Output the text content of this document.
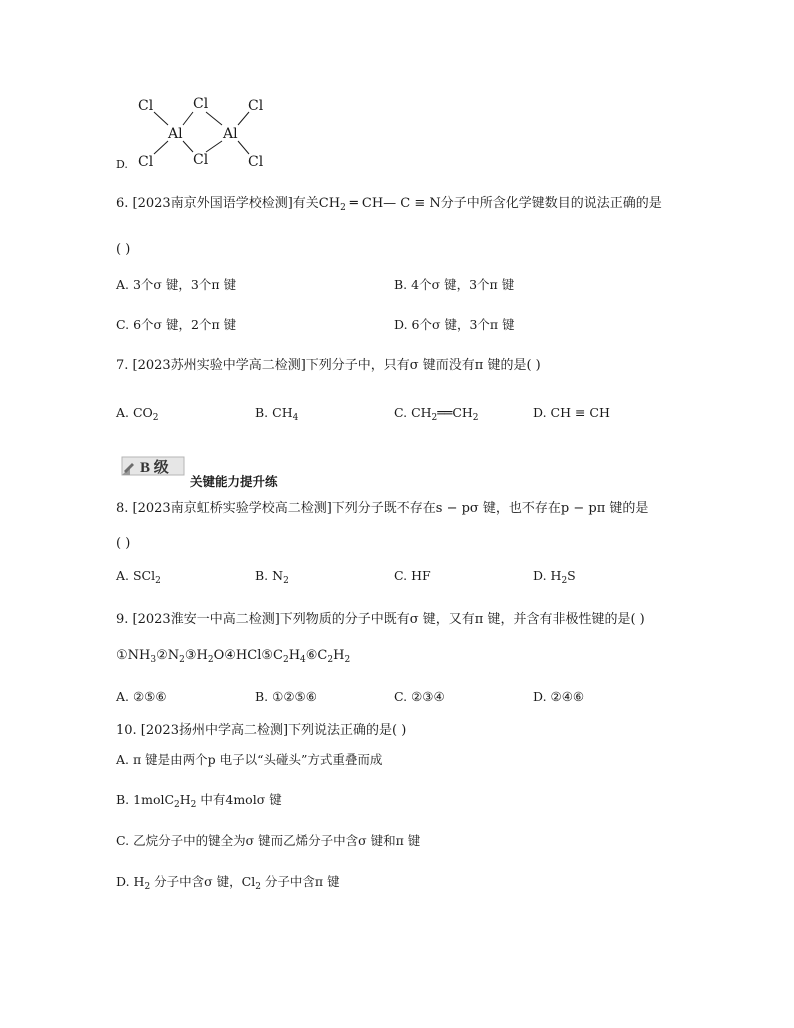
Cl	Cl	Cl
Al	Al
Cl	Cl	Cl
D.
6. [2023南京外国语学校检测]有关$CH_2$ ═ CH— C ≡ N分子中所含化学键数目的说法正确的是
( )
A. 3个σ 键，3个π 键	B. 4个σ 键，3个π 键
C. 6个σ 键，2个π 键	D. 6个σ 键，3个π 键
7. [2023苏州实验中学高二检测]下列分子中，只有σ 键而没有π 键的是( )
A. $CO_2$	B. $CH_4$	C. $CH_2══CH_2$	D. CH ≡ CH
B 级
关键能力提升练
8. [2023南京虹桥实验学校高二检测]下列分子既不存在s − pσ 键，也不存在p − pπ 键的是
( )
A. SCl$_2$	B. $N_2$	C. HF	D. $H_2S$
9. [2023淮安一中高二检测]下列物质的分子中既有σ 键，又有π 键，并含有非极性键的是( )
$①NH_3②N_2③H_2O④HCl⑤C_2H_4⑥C_2H_2$
A. ②⑤⑥	B. ①②⑤⑥	C. ②③④	D. ②④⑥
10. [2023扬州中学高二检测]下列说法正确的是( )
A. π 键是由两个p 电子以“头碰头”方式重叠而成
B. $1molC_2H_2$ 中有4molσ 键
C. 乙烷分子中的键全为σ 键而乙烯分子中含σ 键和π 键
D. $H_2$ 分子中含σ 键，$Cl_2$ 分子中含π 键
